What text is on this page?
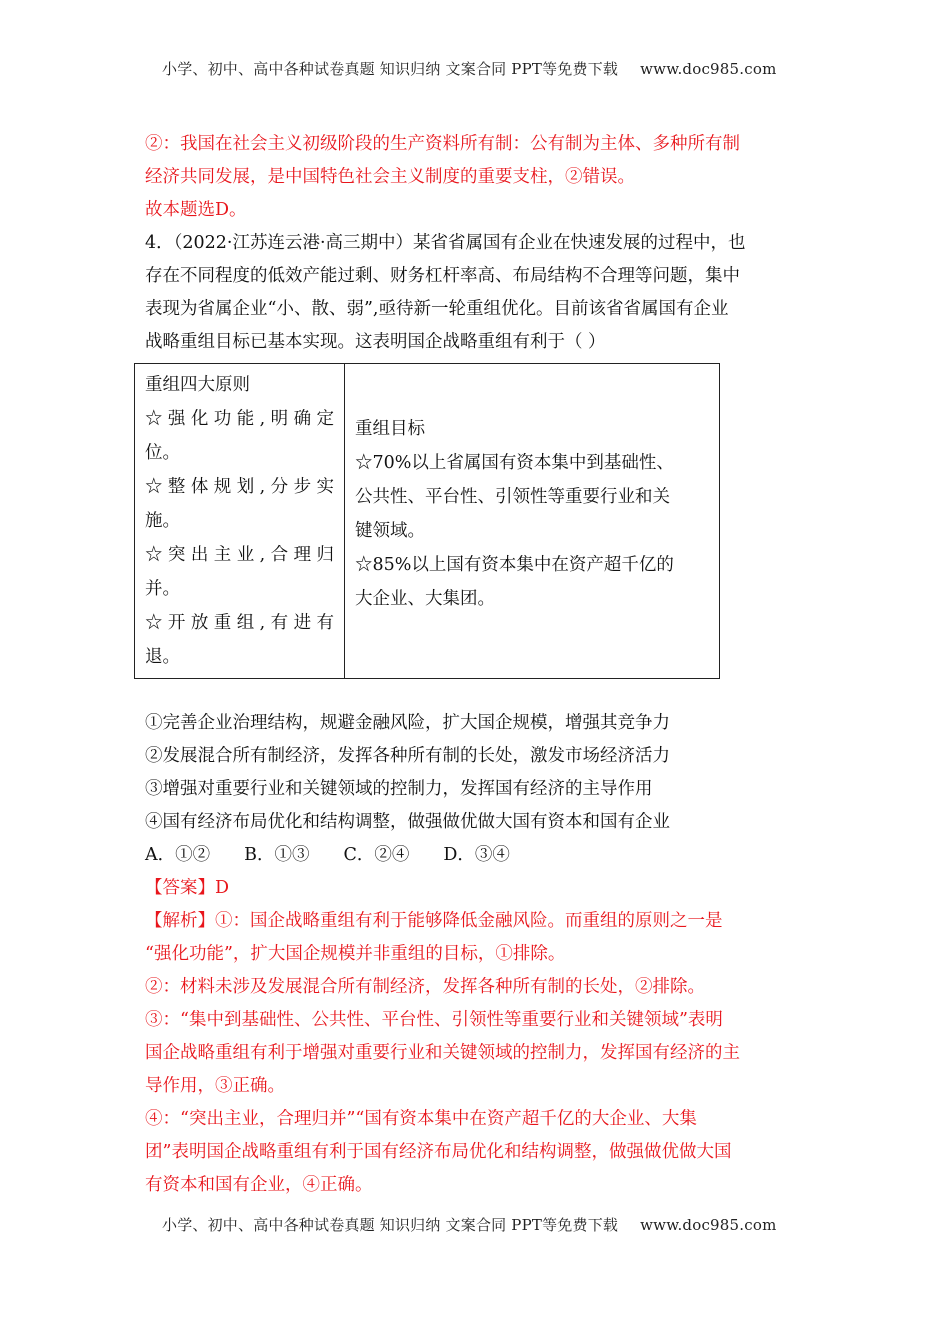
小学、初中、高中各种试卷真题 知识归纳 文案合同 PPT等免费下载 www.doc985.com
②：我国在社会主义初级阶段的生产资料所有制：公有制为主体、多种所有制
经济共同发展，是中国特色社会主义制度的重要支柱，②错误。
故本题选D。
4．（2022·江苏连云港·高三期中）某省省属国有企业在快速发展的过程中，也
存在不同程度的低效产能过剩、财务杠杆率高、布局结构不合理等问题，集中
表现为省属企业“小、散、弱”,亟待新一轮重组优化。目前该省省属国有企业
战略重组目标已基本实现。这表明国企战略重组有利于（ ）
重组四大原则
☆强化功能,明确定
位。
☆整体规划,分步实
施。
☆突出主业,合理归
并。
☆开放重组,有进有
退。

重组目标
☆70%以上省属国有资本集中到基础性、
公共性、平台性、引领性等重要行业和关
键领域。
☆85%以上国有资本集中在资产超千亿的
大企业、大集团。
①完善企业治理结构，规避金融风险，扩大国企规模，增强其竞争力
②发展混合所有制经济，发挥各种所有制的长处，激发市场经济活力
③增强对重要行业和关键领域的控制力，发挥国有经济的主导作用
④国有经济布局优化和结构调整，做强做优做大国有资本和国有企业
A．①② B．①③ C．②④ D．③④
【答案】D
【解析】①：国企战略重组有利于能够降低金融风险。而重组的原则之一是
“强化功能”，扩大国企规模并非重组的目标，①排除。
②：材料未涉及发展混合所有制经济，发挥各种所有制的长处，②排除。
③：“集中到基础性、公共性、平台性、引领性等重要行业和关键领域”表明
国企战略重组有利于增强对重要行业和关键领域的控制力，发挥国有经济的主
导作用，③正确。
④：“突出主业，合理归并”“国有资本集中在资产超千亿的大企业、大集
团”表明国企战略重组有利于国有经济布局优化和结构调整，做强做优做大国
有资本和国有企业，④正确。
小学、初中、高中各种试卷真题 知识归纳 文案合同 PPT等免费下载 www.doc985.com
